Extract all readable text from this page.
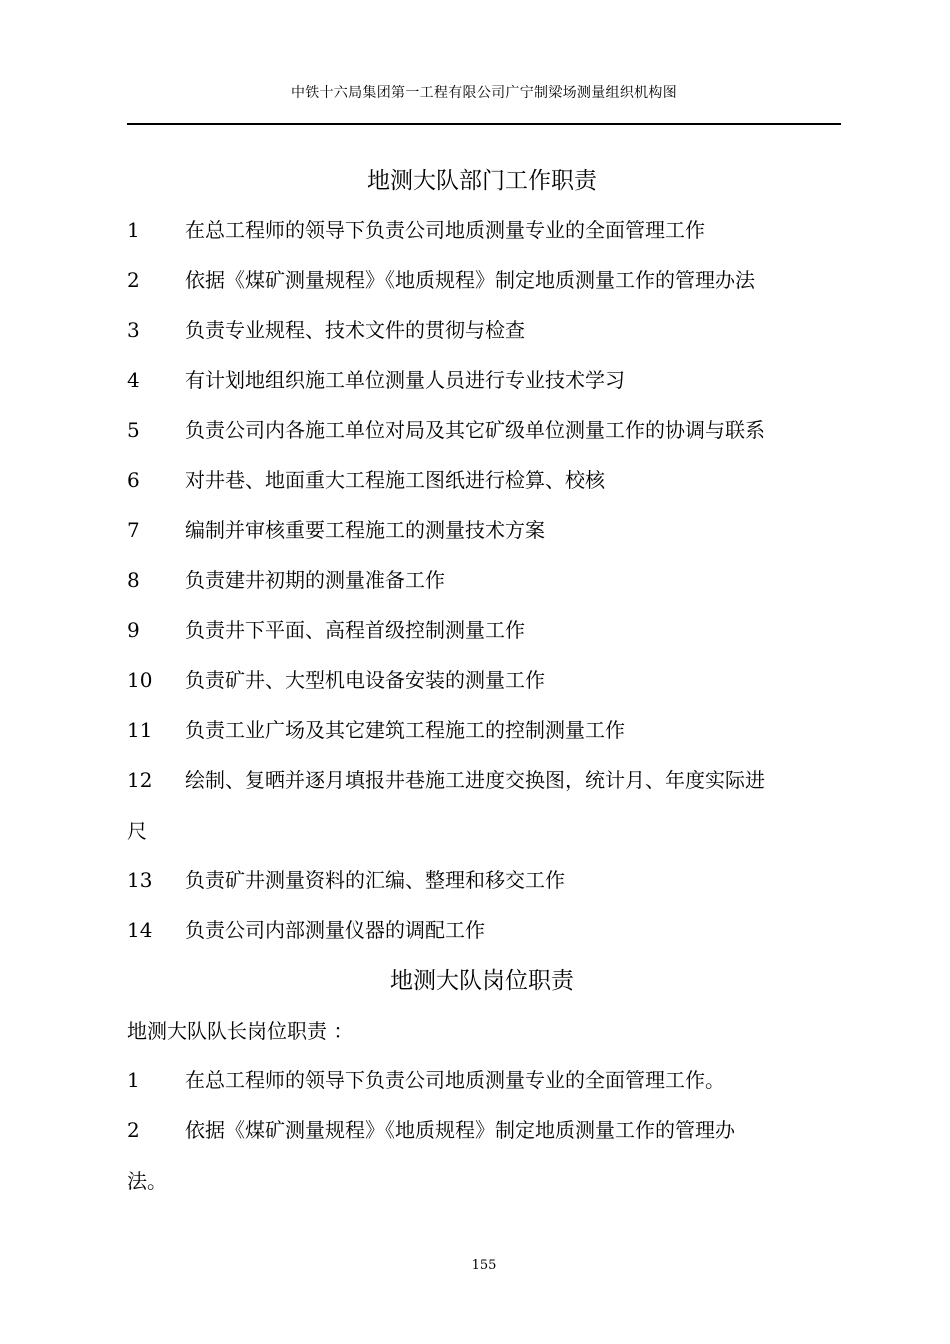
中铁十六局集团第一工程有限公司广宁制梁场测量组织机构图
地测大队部门工作职责
1	在总工程师的领导下负责公司地质测量专业的全面管理工作
2	依据《煤矿测量规程》《地质规程》制定地质测量工作的管理办法
3	负责专业规程、技术文件的贯彻与检查
4	有计划地组织施工单位测量人员进行专业技术学习
5	负责公司内各施工单位对局及其它矿级单位测量工作的协调与联系
6	对井巷、地面重大工程施工图纸进行检算、校核
7	编制并审核重要工程施工的测量技术方案
8	负责建井初期的测量准备工作
9	负责井下平面、高程首级控制测量工作
10	负责矿井、大型机电设备安装的测量工作
11	负责工业广场及其它建筑工程施工的控制测量工作
12	绘制、复晒并逐月填报井巷施工进度交换图，统计月、年度实际进
尺
13	负责矿井测量资料的汇编、整理和移交工作
14	负责公司内部测量仪器的调配工作
地测大队岗位职责
地测大队队长岗位职责 ：
1	在总工程师的领导下负责公司地质测量专业的全面管理工作。
2	依据《煤矿测量规程》《地质规程》制定地质测量工作的管理办
法。
155
